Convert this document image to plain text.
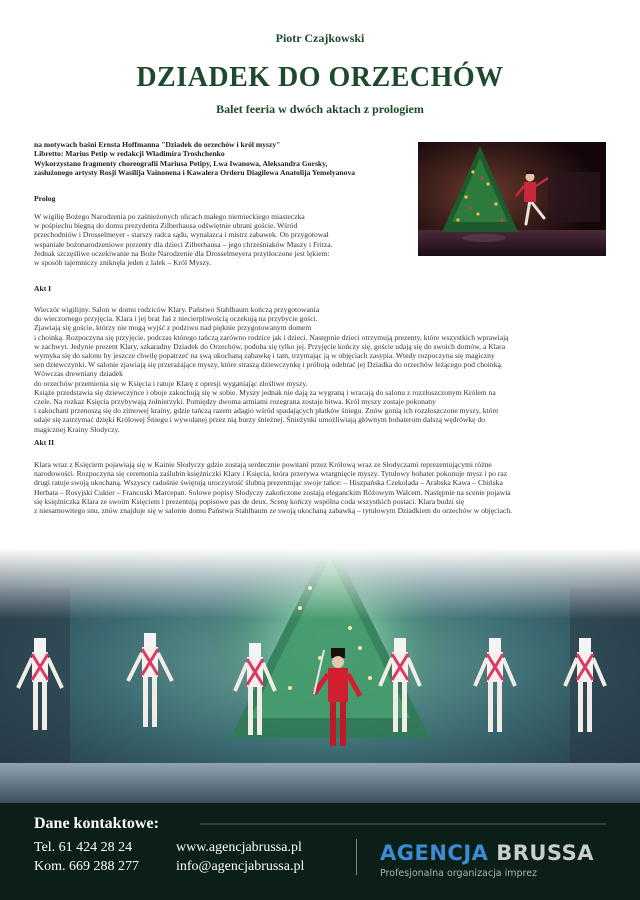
Piotr Czajkowski
DZIADEK DO ORZECHÓW
Balet feeria w dwóch aktach z prologiem
na motywach baśni Ernsta Hoffmanna "Dziadek do orzechów i król myszy"
Libretto: Marius Petip w redakcji Władimira Troshchenko
Wykorzystano fragmenty choreografii Mariusa Petipy, Lwa Iwanowa, Aleksandra Gorsky,
zasłużonego artysty Rosji Wasilija Vainonena i Kawalera Orderu Diagilewa Anatolija Yemelyanova
Prolog
W wigilię Bożego Narodzenia po zaśnieżonych ulicach małego niemieckiego miasteczka
w pośpiechu biegną do domu prezydenta Zilberhausa odświętnie ubrani goście. Wśród
przechodniów i Drosselmeyer - starszy radca sądu, wynalazca i mistrz zabawek. On przygotował
wspaniałe bożonarodzeniowe prezenty dla dzieci Zilberhausa – jego chrześniaków Maszy i Fritza.
Jednak szczęśliwe oczekiwanie na Boże Narodzenie dla Drosselmeyera przytłoczone jest lękiem:
w sposób tajemniczy zniknęła jeden z lalek – Król Myszy.
Akt I
Wieczór wigilijny. Salon w domu rodziców Klary. Państwo Stahlbaum kończą przygotowania
do wieczornego przyjęcia. Klara i jej brat Jaś z niecierpliwością oczekują na przybycie gości.
Zjawiają się goście, którzy nie mogą wyjść z podziwu nad pięknie przygotowanym domem
i choinką. Rozpoczyna się przyjęcie, podczas którego tańczą zarówno rodzice jak i dzieci. Następnie dzieci otrzymują prezenty, które wszystkich wprawiają
w zachwyt. Jedynie prezent Klary, szkaradny Dziadek do Orzechów, podoba się tylko jej. Przyjęcie kończy się, goście udają się do swoich domów, a Klara
wymyka się do salonu by jeszcze chwilę popatrzeć na swą ukochaną zabawkę i tam, trzymając ją w objęciach zasypia. Wtedy rozpoczyna się magiczny
sen dziewczynki. W salonie zjawiają się przerażające myszy, które straszą dziewczynkę i próbują odebrać jej Dziadka do orzechów leżącego pod choinką.
Wówczas drewniany dziadek
do orzechów przemienia się w Księcia i ratuje Klarę z opresji wyganiając złośliwe myszy.
Książe przedstawia się dziewczynce i oboje zakochują się w sobie. Myszy jednak nie dają za wygraną i wracają do salonu z rozzłoszczonym Królem na
czele. Na rozkaz Księcia przybywają żołnierzyki. Pomiędzy dwoma armiami rozegrana zostaje bitwa. Król myszy zostaje pokonany
i zakochani przenoszą się do zimowej krainy, gdzie tańczą razem adagio wśród spadających płatków śniegu. Znów gonią ich rozzłoszczone myszy, które
udaje się zatrzymać dzięki Królowej Śniegu i wywołanej przez nią burzy śnieżnej. Śnieżynki umożliwiają głównym bohaterom dalszą wędrówkę do
magicznej Krainy Słodyczy.
Akt II
Klara wraz z Księciem pojawiają się w Kainie Słodyczy gdzie zostają serdecznie powitani przez Królową wraz ze Słodyczami reprezentującymi różne
narodowości. Rozpoczyna się ceremonia zaślubin księżniczki Klary i Księcia, która przerywa wtargnięcie myszy. Tytułowy bohater pokonuje mysz i po raz
drugi ratuje swoją ukochaną. Wszyscy radośnie świętują uroczystość ślubną prezentując swoje tańce: – Hiszpańska Czekolada – Arabska Kawa – Chińska
Herbata – Rosyjski Cukier – Francuski Marcepan. Solowe popisy Słodyczy zakończone zostają eleganckim Różowym Walcem. Następnie na scenie pojawia
się księżniczka Klara ze swoim Księciem i prezentują popisowe pas de deux. Scenę kończy wspólna coda wszystkich postaci. Klara budzi się
z niesamowitego snu, znów znajduje się w salonie domu Państwa Stahlbaum ze swoją ukochaną zabawką – tytułowym Dziadkiem do orzechów w objęciach.
Dane kontaktowe:
Tel. 61 424 28 24
Kom. 669 288 277
www.agencjabrussa.pl
info@agencjabrussa.pl
AGENCJA BRUSSA
Profesjonalna organizacja imprez
